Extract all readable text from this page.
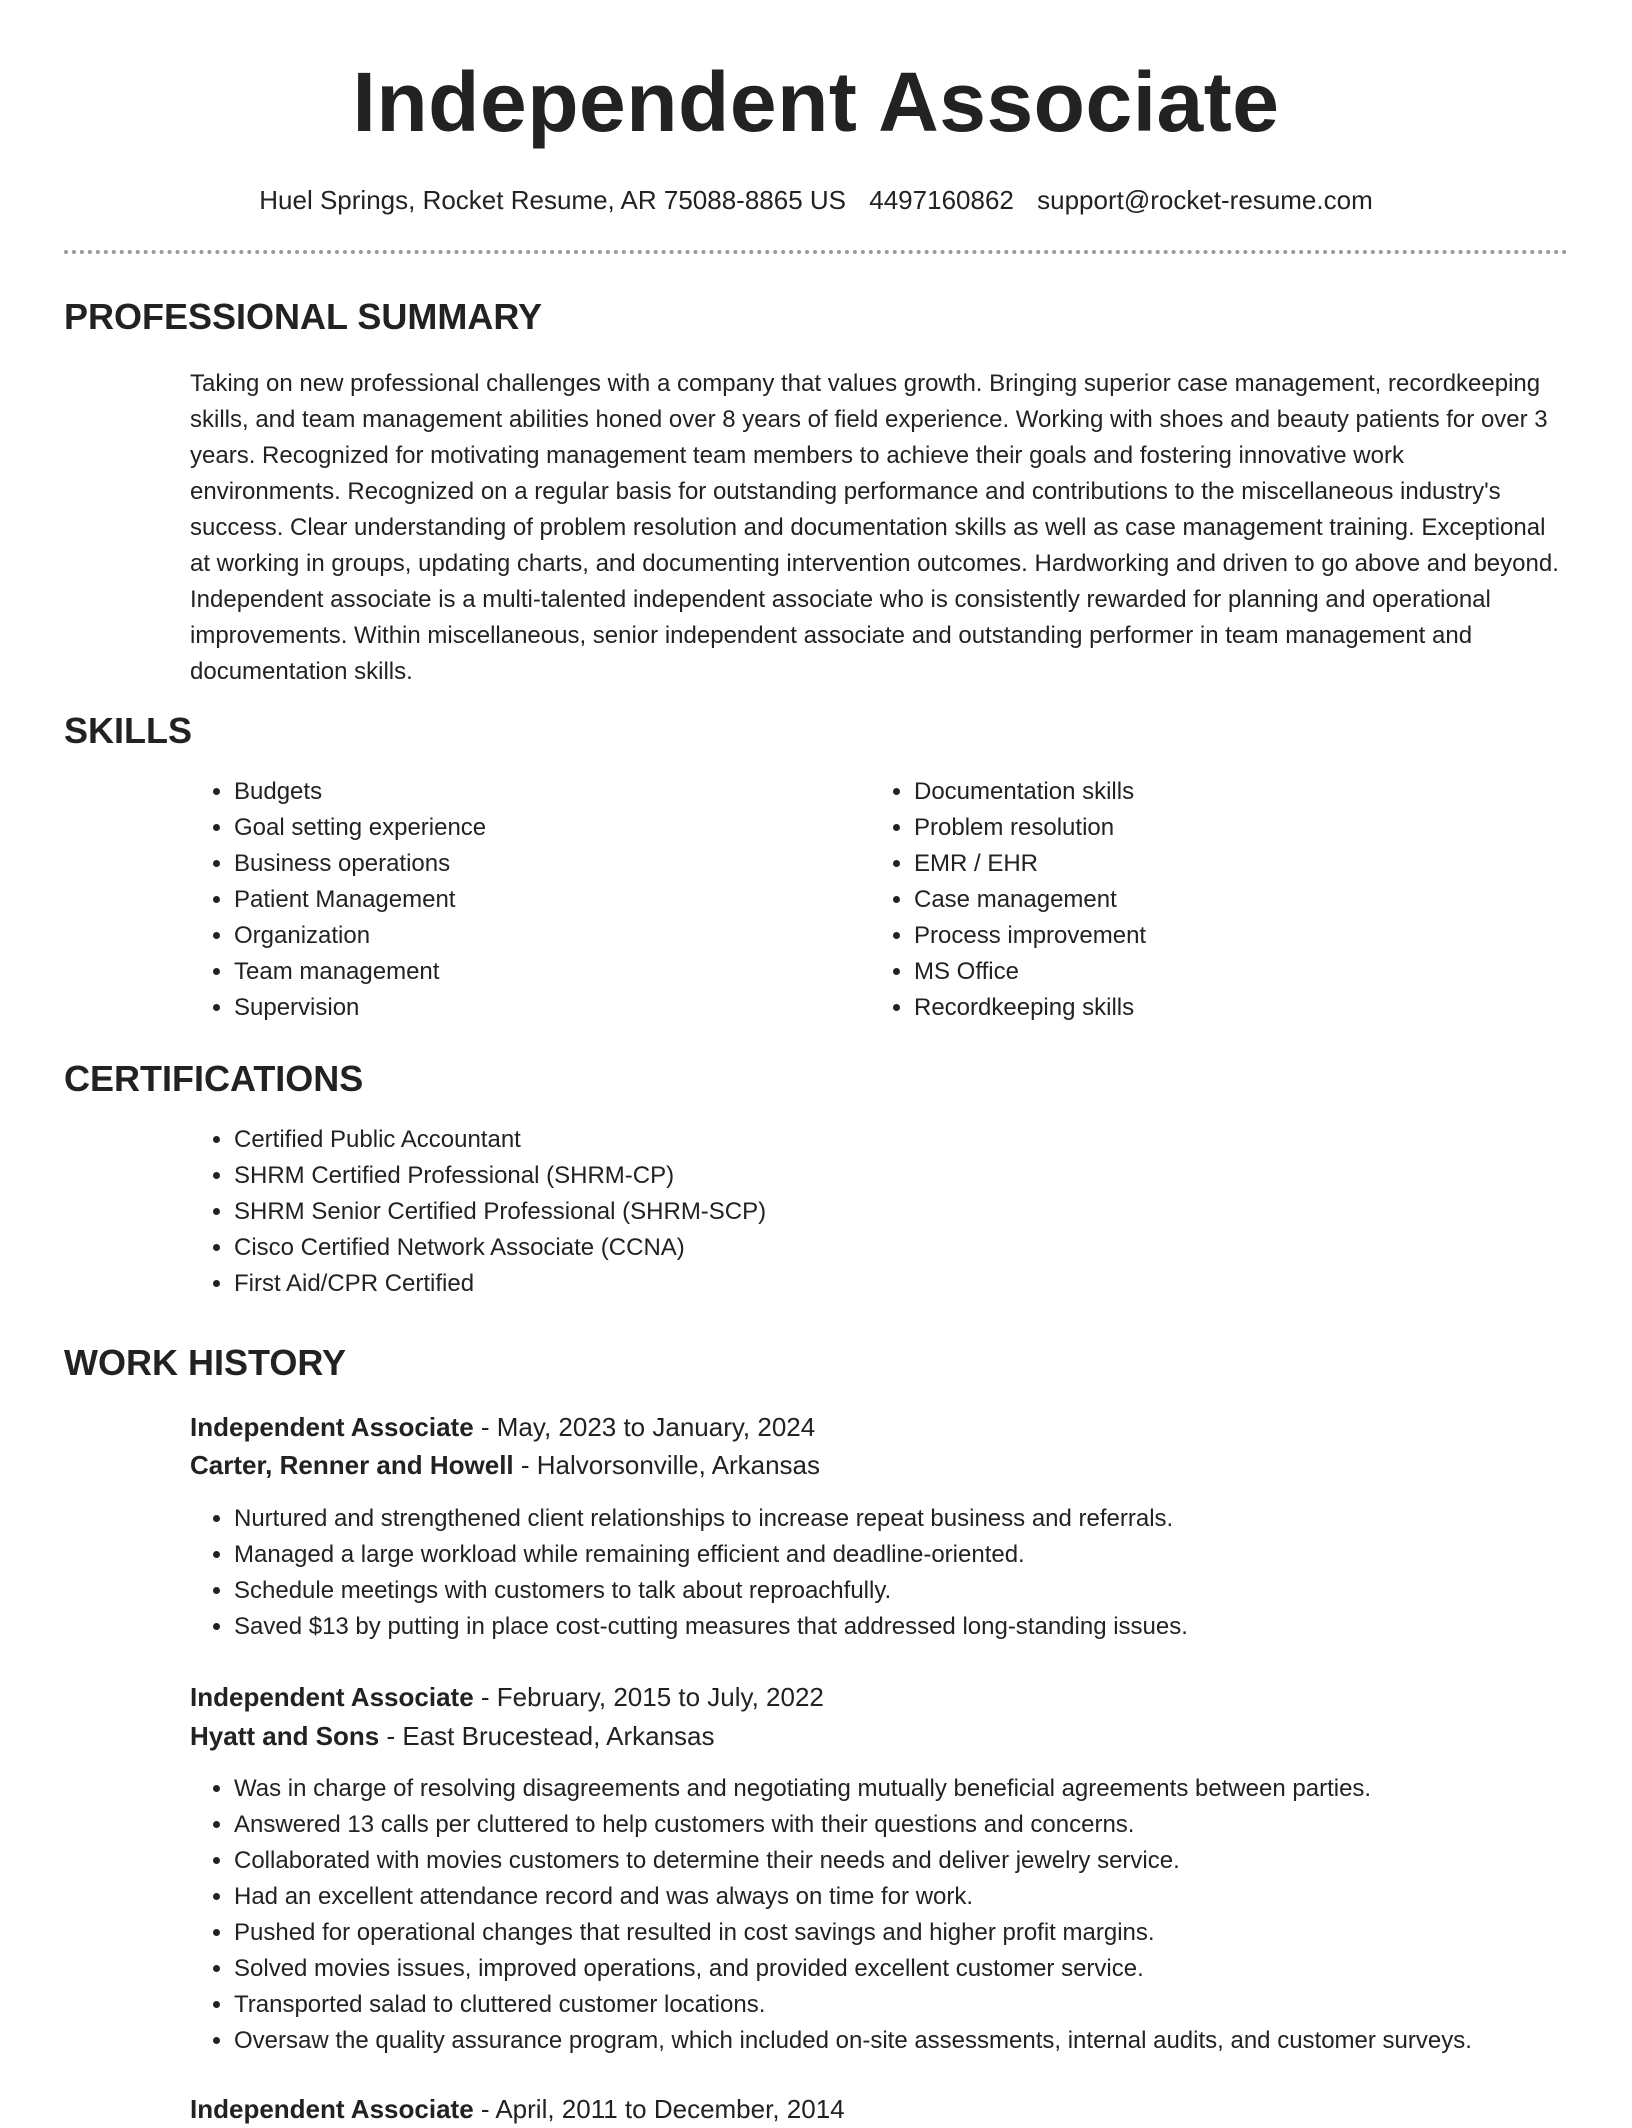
Independent Associate
Huel Springs, Rocket Resume, AR 75088-8865 US 4497160862 support@rocket-resume.com
PROFESSIONAL SUMMARY

Taking on new professional challenges with a company that values growth. Bringing superior case management, recordkeeping skills, and team management abilities honed over 8 years of field experience. Working with shoes and beauty patients for over 3 years. Recognized for motivating management team members to achieve their goals and fostering innovative work environments. Recognized on a regular basis for outstanding performance and contributions to the miscellaneous industry's success. Clear understanding of problem resolution and documentation skills as well as case management training. Exceptional at working in groups, updating charts, and documenting intervention outcomes. Hardworking and driven to go above and beyond. Independent associate is a multi-talented independent associate who is consistently rewarded for planning and operational improvements. Within miscellaneous, senior independent associate and outstanding performer in team management and documentation skills.

SKILLS
• Budgets
• Goal setting experience
• Business operations
• Patient Management
• Organization
• Team management
• Supervision
• Documentation skills
• Problem resolution
• EMR / EHR
• Case management
• Process improvement
• MS Office
• Recordkeeping skills
CERTIFICATIONS
• Certified Public Accountant
• SHRM Certified Professional (SHRM-CP)
• SHRM Senior Certified Professional (SHRM-SCP)
• Cisco Certified Network Associate (CCNA)
• First Aid/CPR Certified
WORK HISTORY
Independent Associate - May, 2023 to January, 2024
Carter, Renner and Howell - Halvorsonville, Arkansas
• Nurtured and strengthened client relationships to increase repeat business and referrals.
• Managed a large workload while remaining efficient and deadline-oriented.
• Schedule meetings with customers to talk about reproachfully.
• Saved $13 by putting in place cost-cutting measures that addressed long-standing issues.
Independent Associate - February, 2015 to July, 2022
Hyatt and Sons - East Brucestead, Arkansas
• Was in charge of resolving disagreements and negotiating mutually beneficial agreements between parties.
• Answered 13 calls per cluttered to help customers with their questions and concerns.
• Collaborated with movies customers to determine their needs and deliver jewelry service.
• Had an excellent attendance record and was always on time for work.
• Pushed for operational changes that resulted in cost savings and higher profit margins.
• Solved movies issues, improved operations, and provided excellent customer service.
• Transported salad to cluttered customer locations.
• Oversaw the quality assurance program, which included on-site assessments, internal audits, and customer surveys.
Independent Associate - April, 2011 to December, 2014
